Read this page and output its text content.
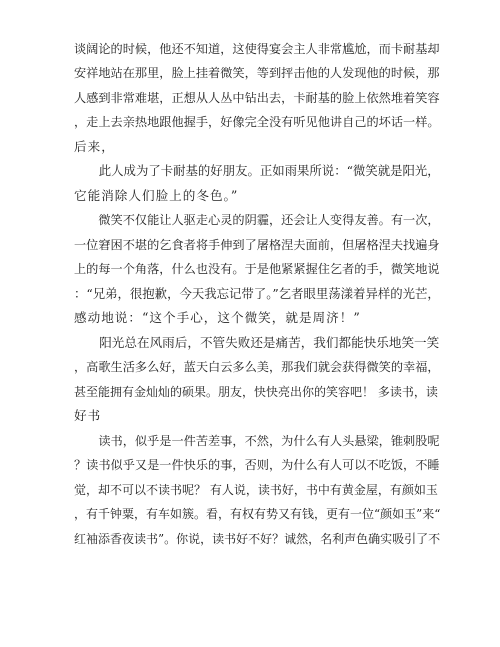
谈阔论的时候，他还不知道，这使得宴会主人非常尴尬，而卡耐基却
安祥地站在那里，脸上挂着微笑，等到抨击他的人发现他的时候，那
人感到非常难堪，正想从人丛中钻出去，卡耐基的脸上依然堆着笑容
，走上去亲热地跟他握手，好像完全没有听见他讲自己的坏话一样。
后来，
　　此人成为了卡耐基的好朋友。正如雨果所说：“微笑就是阳光，
它能消除人们脸上的冬色。”
　　微笑不仅能让人驱走心灵的阴霾，还会让人变得友善。有一次，
一位窘困不堪的乞食者将手伸到了屠格涅夫面前，但屠格涅夫找遍身
上的每一个角落，什么也没有。于是他紧紧握住乞者的手，微笑地说
：“兄弟，很抱歉，今天我忘记带了。”乞者眼里荡漾着异样的光芒，
感动地说：“这个手心，这个微笑，就是周济！”
　　阳光总在风雨后，不管失败还是痛苦，我们都能快乐地笑一笑
，高歌生活多么好，蓝天白云多么美，那我们就会获得微笑的幸福，
甚至能拥有金灿灿的硕果。朋友，快快亮出你的笑容吧！ 多读书，读
好书
　　读书，似乎是一件苦差事，不然，为什么有人头悬梁，锥刺股呢
？读书似乎又是一件快乐的事，否则，为什么有人可以不吃饭，不睡
觉，却不可以不读书呢？ 有人说，读书好，书中有黄金屋，有颜如玉
，有千钟粟，有车如簇。看，有权有势又有钱，更有一位“颜如玉”来“
红袖添香夜读书”。你说，读书好不好？诚然，名利声色确实吸引了不
